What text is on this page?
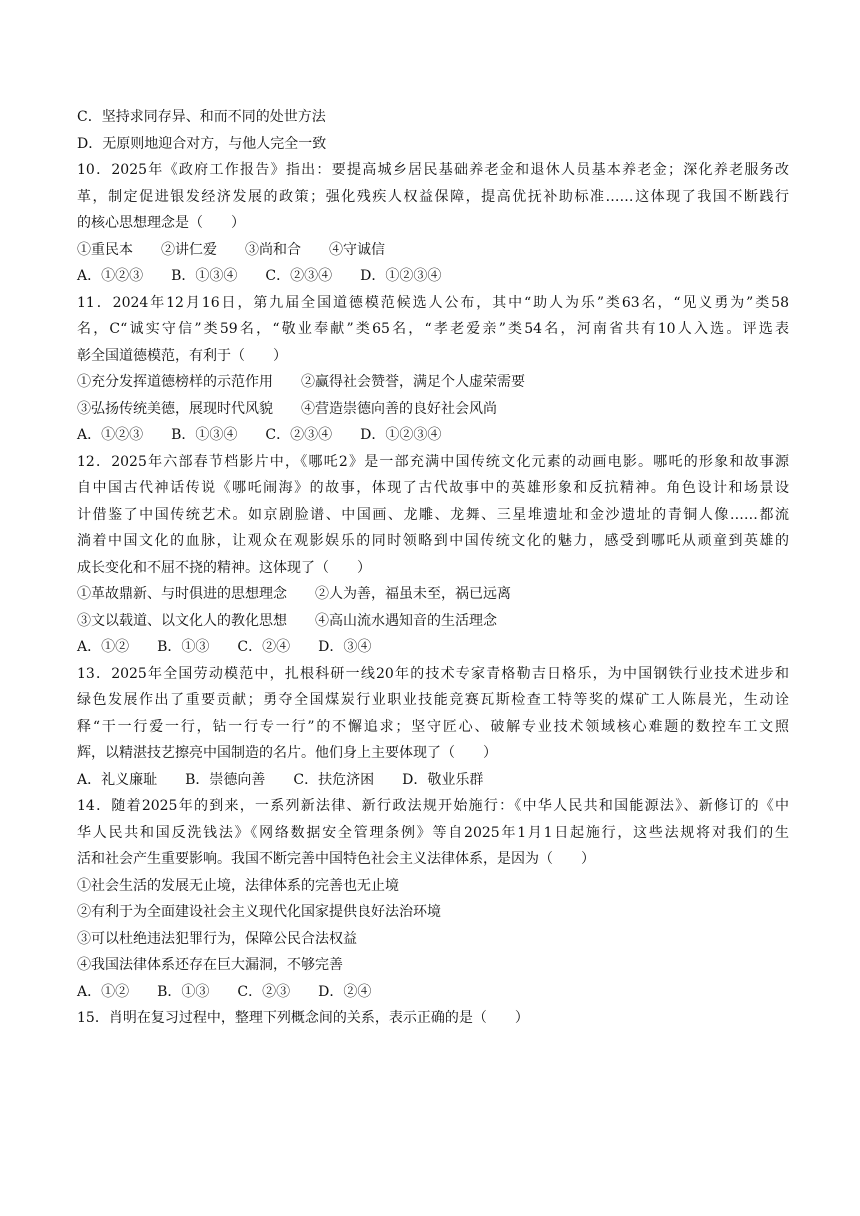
C．坚持求同存异、和而不同的处世方法
D．无原则地迎合对方，与他人完全一致
10．2025年《政府工作报告》指出：要提高城乡居民基础养老金和退休人员基本养老金；深化养老服务改
革，制定促进银发经济发展的政策；强化残疾人权益保障，提高优抚补助标准……这体现了我国不断践行
的核心思想理念是（　　）
①重民本　　②讲仁爱　　③尚和合　　④守诚信
A．①②③　　B．①③④　　C．②③④　　D．①②③④
11．2024年12月16日，第九届全国道德模范候选人公布，其中“助人为乐”类63名，“见义勇为”类58
名，C“诚实守信”类59名，“敬业奉献”类65名，“孝老爱亲”类54名，河南省共有10人入选。评选表
彰全国道德模范，有利于（　　）
①充分发挥道德榜样的示范作用　　②赢得社会赞誉，满足个人虚荣需要
③弘扬传统美德，展现时代风貌　　④营造崇德向善的良好社会风尚
A．①②③　　B．①③④　　C．②③④　　D．①②③④
12．2025年六部春节档影片中，《哪吒2》是一部充满中国传统文化元素的动画电影。哪吒的形象和故事源
自中国古代神话传说《哪吒闹海》的故事，体现了古代故事中的英雄形象和反抗精神。角色设计和场景设
计借鉴了中国传统艺术。如京剧脸谱、中国画、龙雕、龙舞、三星堆遗址和金沙遗址的青铜人像……都流
淌着中国文化的血脉，让观众在观影娱乐的同时领略到中国传统文化的魅力，感受到哪吒从顽童到英雄的
成长变化和不屈不挠的精神。这体现了（　　）
①革故鼎新、与时俱进的思想理念　　②人为善，福虽未至，祸已远离
③文以载道、以文化人的教化思想　　④高山流水遇知音的生活理念
A．①②　　B．①③　　C．②④　　D．③④
13．2025年全国劳动模范中，扎根科研一线20年的技术专家青格勒吉日格乐，为中国钢铁行业技术进步和
绿色发展作出了重要贡献；勇夺全国煤炭行业职业技能竞赛瓦斯检查工特等奖的煤矿工人陈晨光，生动诠
释“干一行爱一行，钻一行专一行”的不懈追求；坚守匠心、破解专业技术领域核心难题的数控车工文照
辉，以精湛技艺擦亮中国制造的名片。他们身上主要体现了（　　）
A．礼义廉耻　　B．崇德向善　　C．扶危济困　　D．敬业乐群
14．随着2025年的到来，一系列新法律、新行政法规开始施行：《中华人民共和国能源法》、新修订的《中
华人民共和国反洗钱法》《网络数据安全管理条例》等自2025年1月1日起施行，这些法规将对我们的生
活和社会产生重要影响。我国不断完善中国特色社会主义法律体系，是因为（　　）
①社会生活的发展无止境，法律体系的完善也无止境
②有利于为全面建设社会主义现代化国家提供良好法治环境
③可以杜绝违法犯罪行为，保障公民合法权益
④我国法律体系还存在巨大漏洞，不够完善
A．①②　　B．①③　　C．②③　　D．②④
15．肖明在复习过程中，整理下列概念间的关系，表示正确的是（　　）
